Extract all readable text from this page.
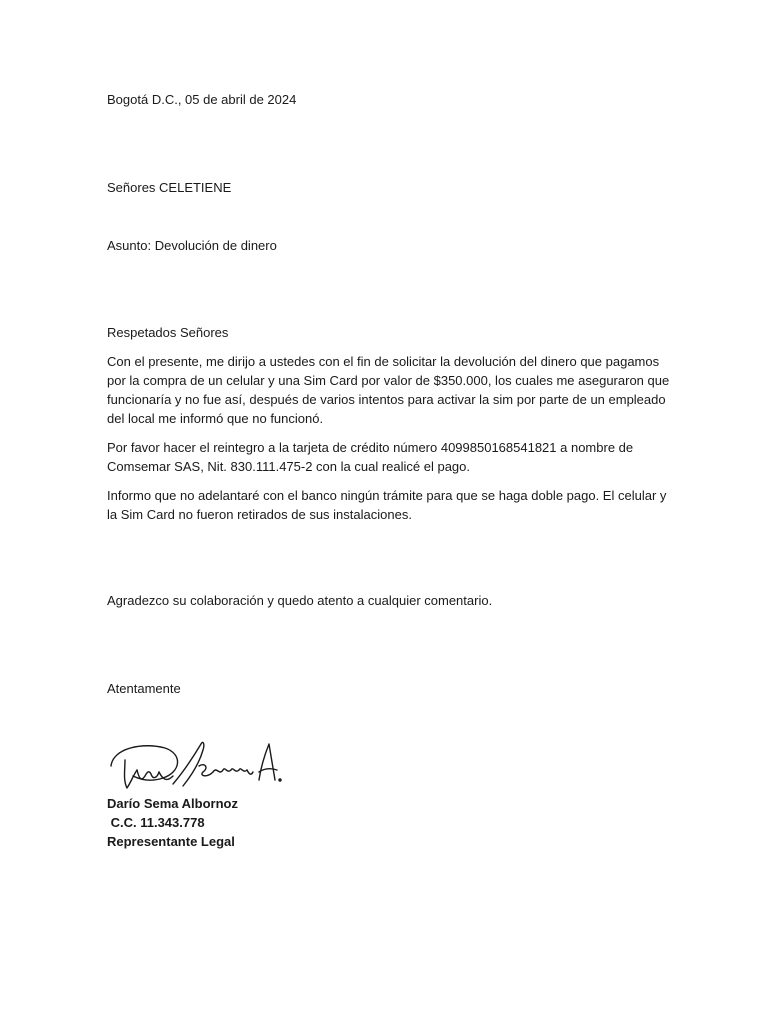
Bogotá D.C., 05 de abril de 2024

Señores CELETIENE

Asunto: Devolución de dinero

Respetados Señores

Con el presente, me dirijo a ustedes con el fin de solicitar la devolución del dinero que pagamos por la compra de un celular y una Sim Card por valor de $350.000, los cuales me aseguraron que funcionaría y no fue así, después de varios intentos para activar la sim por parte de un empleado del local me informó que no funcionó.

Por favor hacer el reintegro a la tarjeta de crédito número 4099850168541821 a nombre de Comsemar SAS, Nit. 830.111.475-2 con la cual realicé el pago.

Informo que no adelantaré con el banco ningún trámite para que se haga doble pago. El celular y la Sim Card no fueron retirados de sus instalaciones.

Agradezco su colaboración y quedo atento a cualquier comentario.

Atentamente

Darío Sema Albornoz

C.C. 11.343.778

Representante Legal
